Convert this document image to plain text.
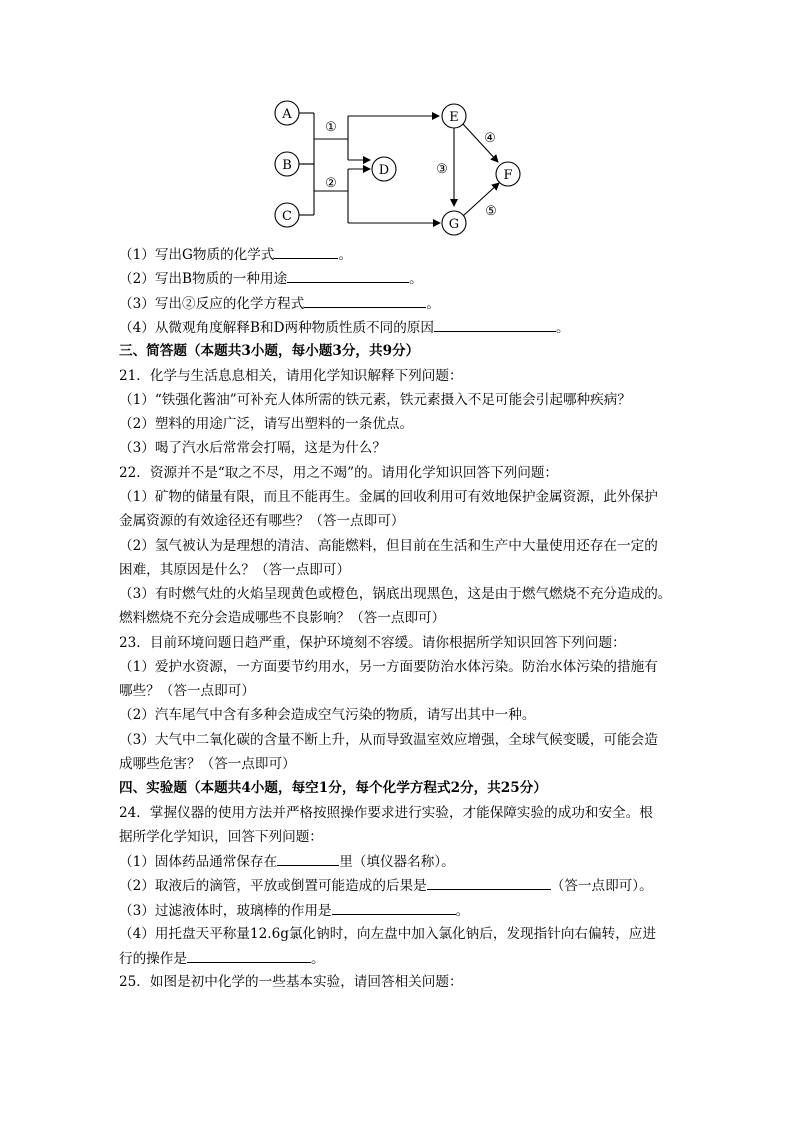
A
B
C
D
E
F
G
①
②
③
④
⑤
（1）写出G物质的化学式	。
（2）写出B物质的一种用途	。
（3）写出②反应的化学方程式	。
（4）从微观角度解释B和D两种物质性质不同的原因	。
三、简答题（本题共3小题，每小题3分，共9分）
21．化学与生活息息相关，请用化学知识解释下列问题：
（1）“铁强化酱油”可补充人体所需的铁元素，铁元素摄入不足可能会引起哪种疾病？
（2）塑料的用途广泛，请写出塑料的一条优点。
（3）喝了汽水后常常会打嗝，这是为什么？
22．资源并不是“取之不尽，用之不竭”的。请用化学知识回答下列问题：
（1）矿物的储量有限，而且不能再生。金属的回收利用可有效地保护金属资源，此外保护
金属资源的有效途径还有哪些？（答一点即可）
（2）氢气被认为是理想的清洁、高能燃料，但目前在生活和生产中大量使用还存在一定的
困难，其原因是什么？（答一点即可）
（3）有时燃气灶的火焰呈现黄色或橙色，锅底出现黑色，这是由于燃气燃烧不充分造成的。
燃料燃烧不充分会造成哪些不良影响？（答一点即可）
23．目前环境问题日趋严重，保护环境刻不容缓。请你根据所学知识回答下列问题：
（1）爱护水资源，一方面要节约用水，另一方面要防治水体污染。防治水体污染的措施有
哪些？（答一点即可）
（2）汽车尾气中含有多种会造成空气污染的物质，请写出其中一种。
（3）大气中二氧化碳的含量不断上升，从而导致温室效应增强，全球气候变暖，可能会造
成哪些危害？（答一点即可）
四、实验题（本题共4小题，每空1分，每个化学方程式2分，共25分）
24．掌握仪器的使用方法并严格按照操作要求进行实验，才能保障实验的成功和安全。根
据所学化学知识，回答下列问题：
（1）固体药品通常保存在	里（填仪器名称）。
（2）取液后的滴管，平放或倒置可能造成的后果是	（答一点即可）。
（3）过滤液体时，玻璃棒的作用是	。
（4）用托盘天平称量12.6g氯化钠时，向左盘中加入氯化钠后，发现指针向右偏转，应进
行的操作是	。
25．如图是初中化学的一些基本实验，请回答相关问题：
